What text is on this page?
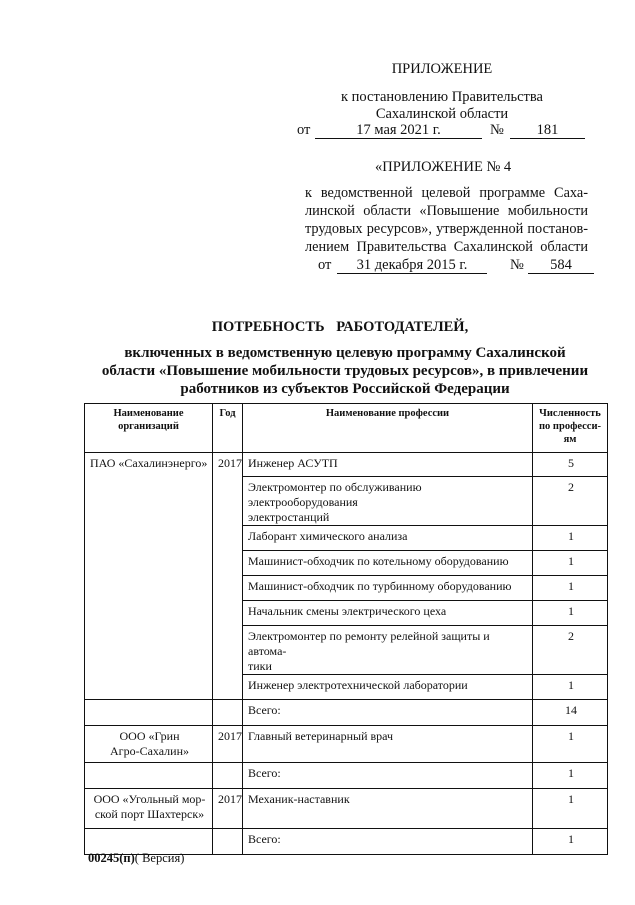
ПРИЛОЖЕНИЕ
к постановлению Правительства
Сахалинской области
от	17 мая 2021 г.	№	181
«ПРИЛОЖЕНИЕ № 4
к ведомственной целевой программе Саха-
линской области «Повышение мобильности
трудовых ресурсов», утвержденной постанов-
лением Правительства Сахалинской области
от	31 декабря 2015 г.	№	584
ПОТРЕБНОСТЬ РАБОТОДАТЕЛЕЙ,
включенных в ведомственную целевую программу Сахалинской
области «Повышение мобильности трудовых ресурсов», в привлечении
работников из субъектов Российской Федерации
Наименование
организаций	Год	Наименование профессии	Численность
по професси-
ям
ПАО «Сахалинэнерго»	2017	Инженер АСУТП	5
		Электромонтер по обслуживанию электрооборудования
электростанций	2
		Лаборант химического анализа	1
		Машинист-обходчик по котельному оборудованию	1
		Машинист-обходчик по турбинному оборудованию	1
		Начальник смены электрического цеха	1
		Электромонтер по ремонту релейной защиты и автома-
тики	2
		Инженер электротехнической лаборатории	1
		Всего:	14
ООО «Грин
Агро-Сахалин»	2017	Главный ветеринарный врач	1
		Всего:	1
ООО «Угольный мор-
ской порт Шахтерск»	2017	Механик-наставник	1
		Всего:	1
00245(п)( Версия)
